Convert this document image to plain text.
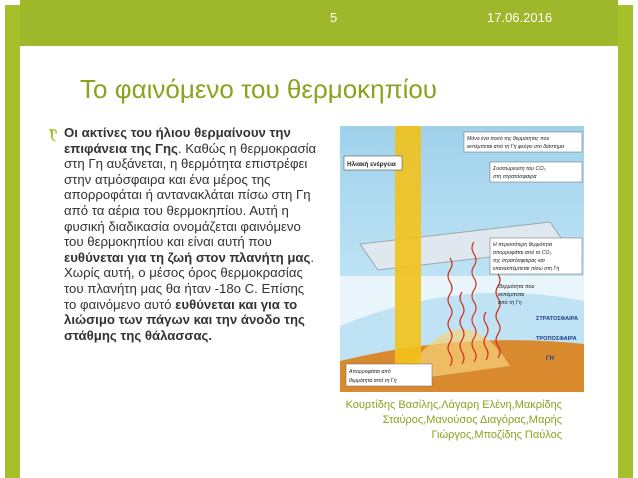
5	17.06.2016
Το φαινόμενο του θερμοκηπίου
Οι ακτίνες του ήλιου θερμαίνουν την επιφάνεια της Γης. Καθώς η θερμοκρασία στη Γη αυξάνεται, η θερμότητα επιστρέφει στην ατμόσφαιρα και ένα μέρος της απορροφάται ή αντανακλάται πίσω στη Γη από τα αέρια του θερμοκηπίου. Αυτή η φυσική διαδικασία ονομάζεται φαινόμενο του θερμοκηπίου και είναι αυτή που ευθύνεται για τη ζωή στον πλανήτη μας. Χωρίς αυτή, ο μέσος όρος θερμοκρασίας του πλανήτη μας θα ήταν -18ο C. Επίσης το φαινόμενο αυτό ευθύνεται και για το λιώσιμο των πάγων και την άνοδο της στάθμης της θάλασσας.
Ηλιακή ενέργεια
Μόνο ένα ποσό της θερμότητας που εκπέμπεται από τη Γη φεύγει στο διάστημα
Συσσώρευση του CO₂ στη στρατόσφαιρα
Η περισσότερη θερμότητα απορροφάται από το CO₂ της στρατόσφαιρας και επανεκπέμπεται πίσω στη Γη
Θερμότητα που εκπέμπεται από τη Γη
ΣΤΡΑΤΟΣΦΑΙΡΑ
ΤΡΟΠΟΣΦΑΙΡΑ
ΓΗ
Απορροφάται από θερμότητα από τη Γη
Κουρτίδης Βασίλης,Λάγαρη Ελένη,Μακρίδης
Σταύρος,Μανούσος Διαγόρας,Μαρής
Γιώργος,Μποζίδης Παύλος
